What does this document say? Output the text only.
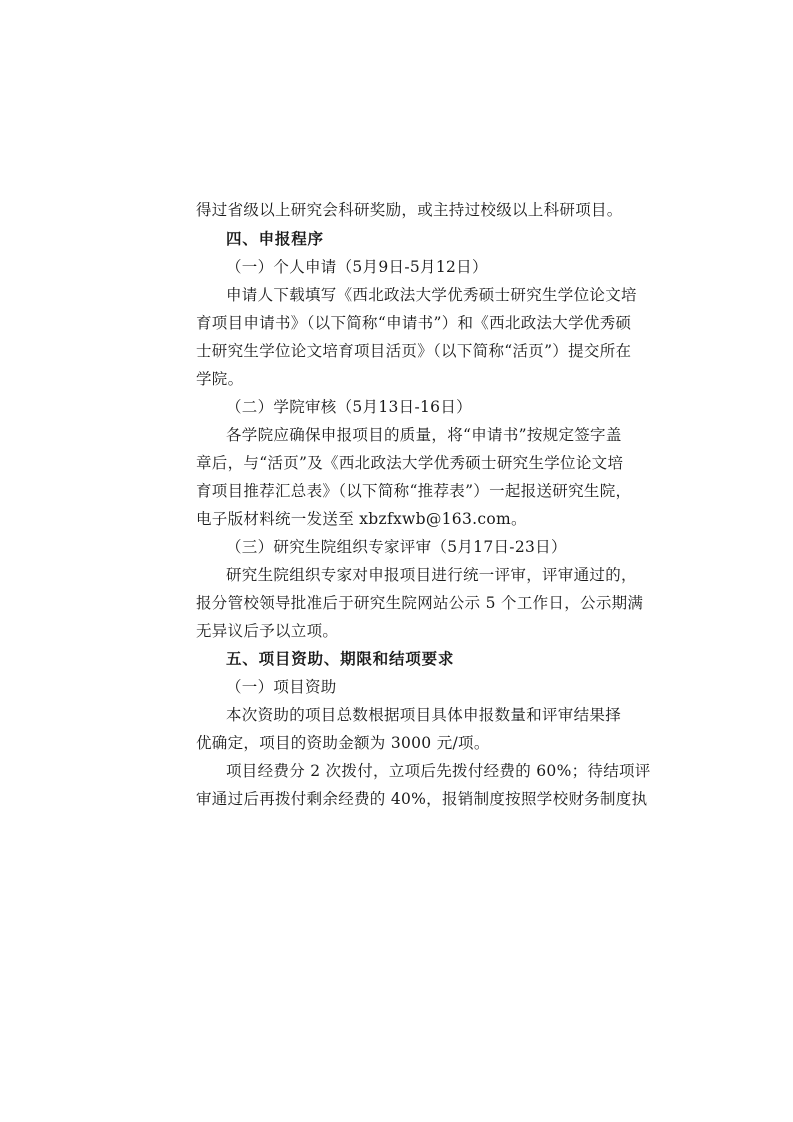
得过省级以上研究会科研奖励，或主持过校级以上科研项目。
四、申报程序
（一）个人申请（5月9日-5月12日）
申请人下载填写《西北政法大学优秀硕士研究生学位论文培
育项目申请书》（以下简称“申请书”）和《西北政法大学优秀硕
士研究生学位论文培育项目活页》（以下简称“活页”）提交所在
学院。
（二）学院审核（5月13日-16日）
各学院应确保申报项目的质量，将“申请书”按规定签字盖
章后，与“活页”及《西北政法大学优秀硕士研究生学位论文培
育项目推荐汇总表》（以下简称“推荐表”）一起报送研究生院，
电子版材料统一发送至 xbzfxwb@163.com。
（三）研究生院组织专家评审（5月17日-23日）
研究生院组织专家对申报项目进行统一评审，评审通过的，
报分管校领导批准后于研究生院网站公示 5 个工作日，公示期满
无异议后予以立项。
五、项目资助、期限和结项要求
（一）项目资助
本次资助的项目总数根据项目具体申报数量和评审结果择
优确定，项目的资助金额为 3000 元/项。
项目经费分 2 次拨付，立项后先拨付经费的 60%；待结项评
审通过后再拨付剩余经费的 40%，报销制度按照学校财务制度执
